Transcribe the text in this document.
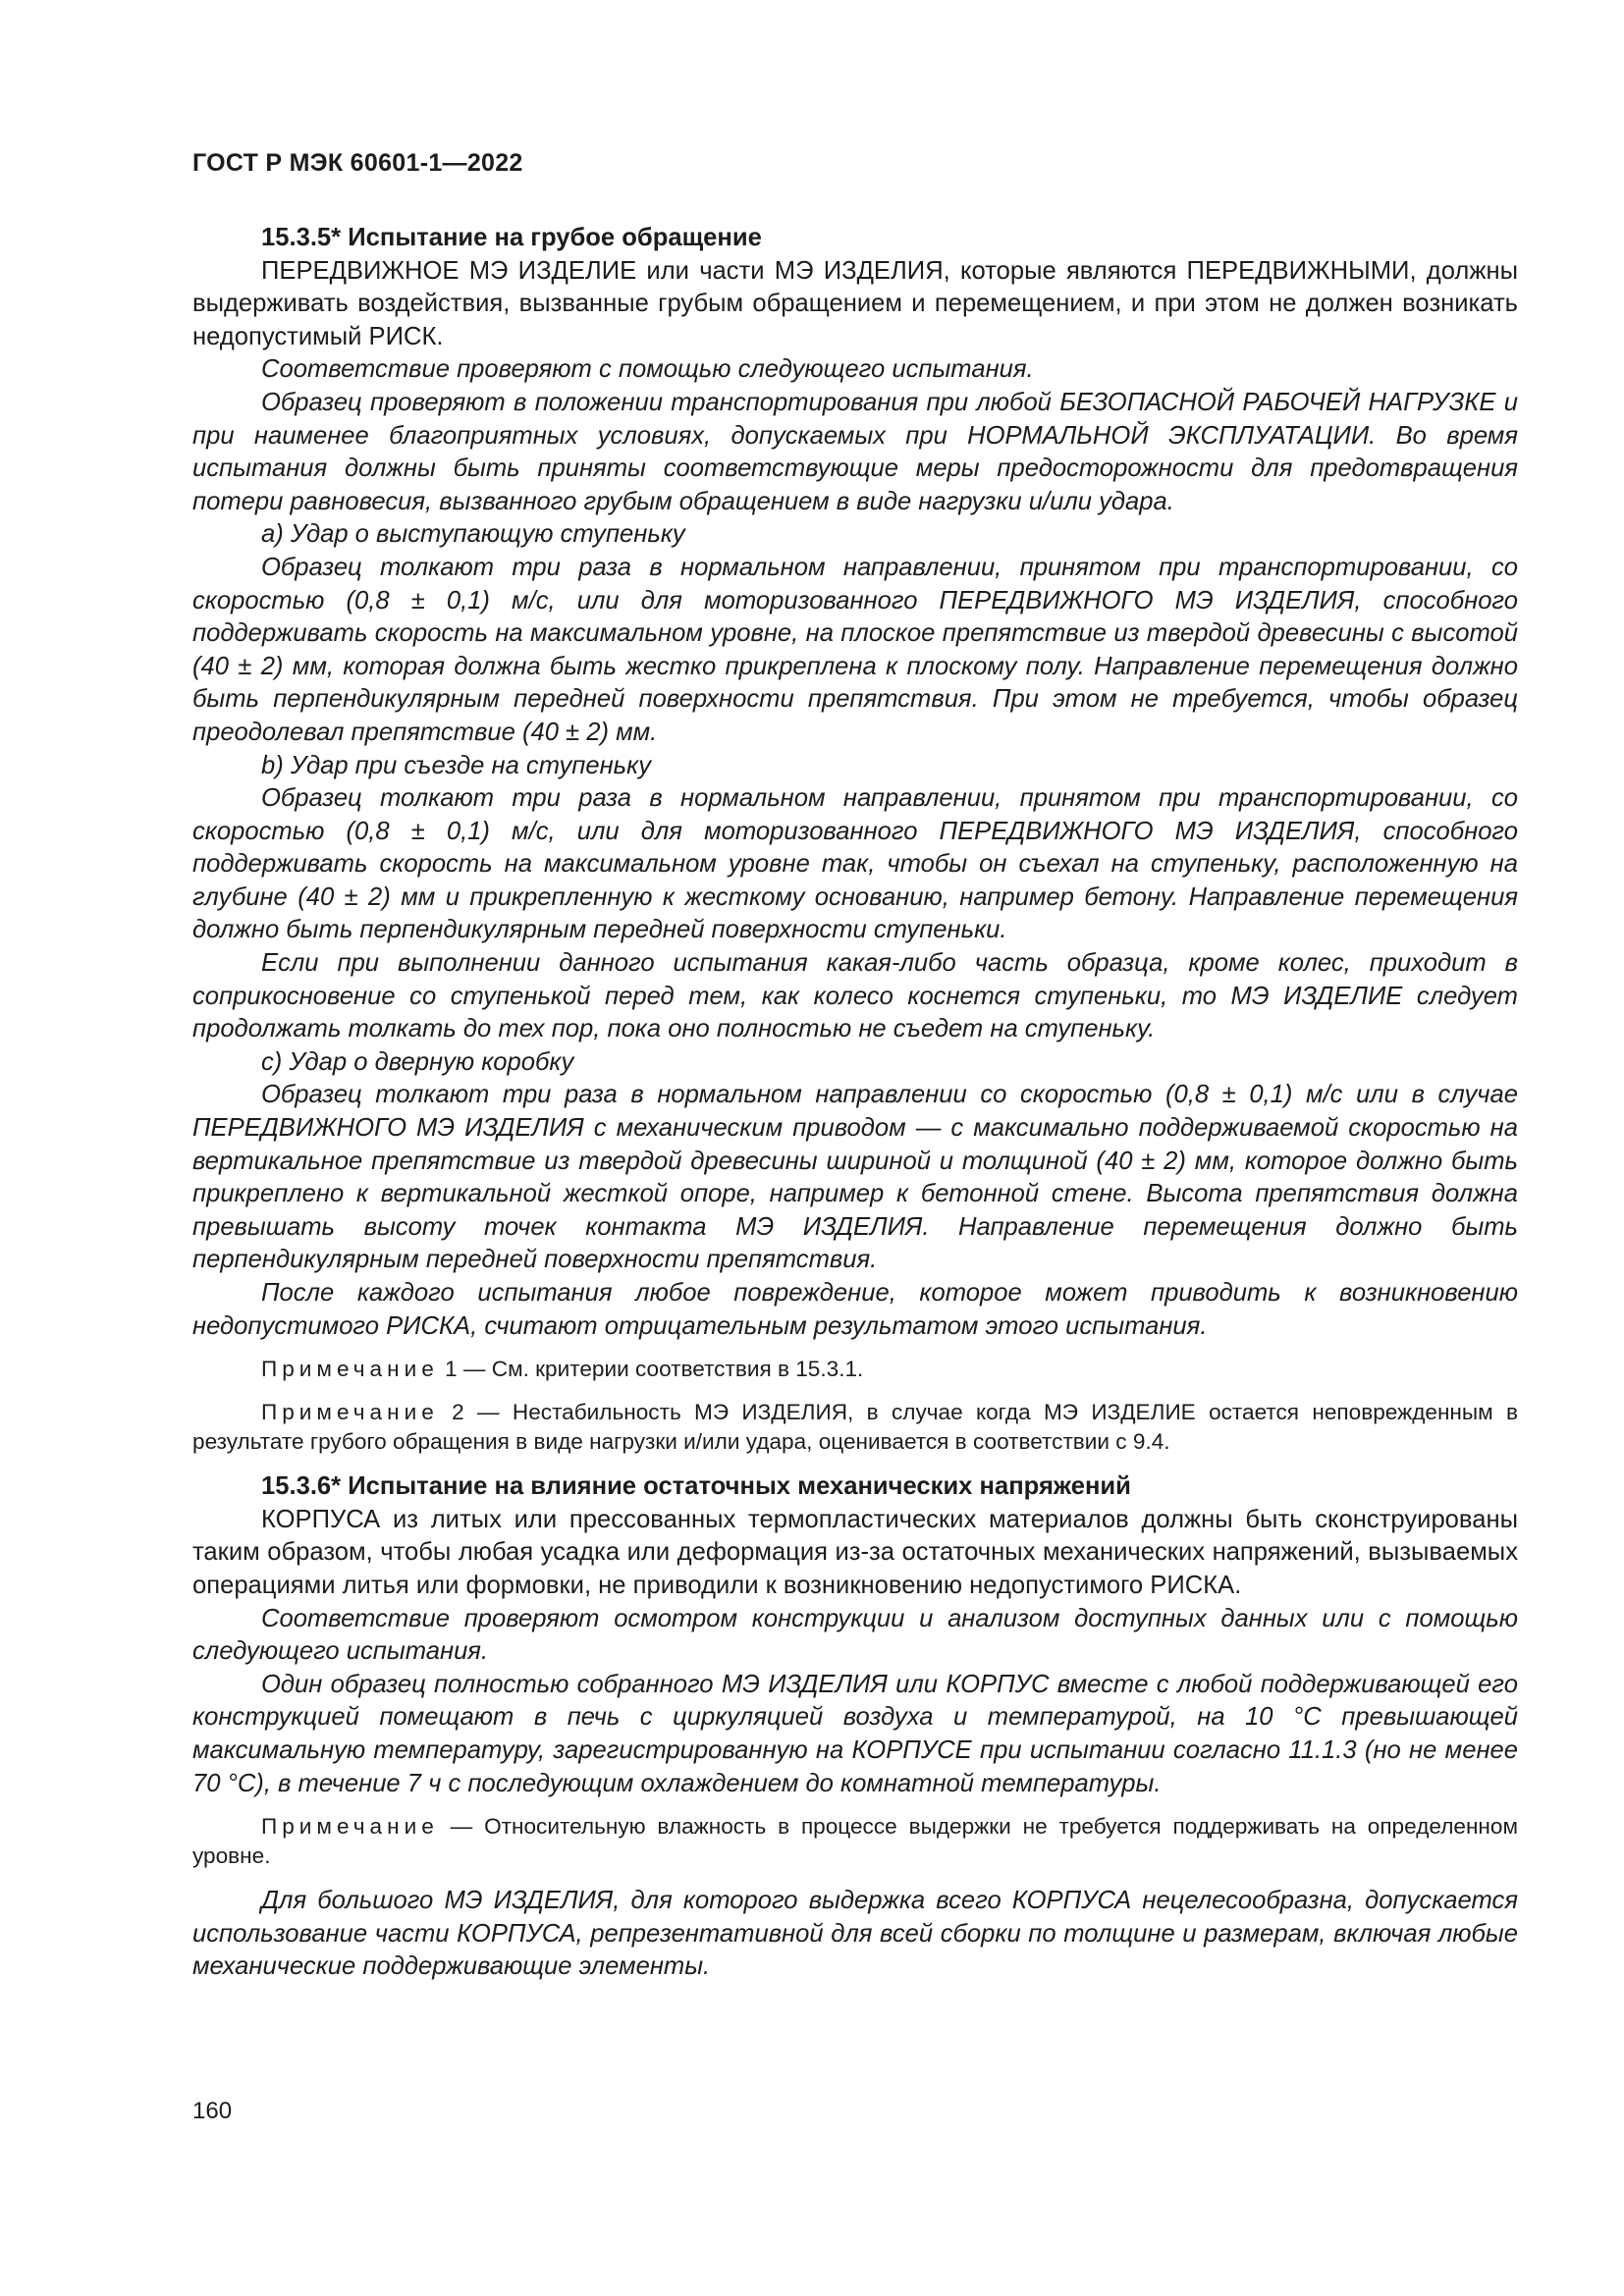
ГОСТ Р МЭК 60601-1—2022
15.3.5* Испытание на грубое обращение

ПЕРЕДВИЖНОЕ МЭ ИЗДЕЛИЕ или части МЭ ИЗДЕЛИЯ, которые являются ПЕРЕДВИЖНЫМИ, должны выдерживать воздействия, вызванные грубым обращением и перемещением, и при этом не должен возникать недопустимый РИСК.

Соответствие проверяют с помощью следующего испытания.

Образец проверяют в положении транспортирования при любой БЕЗОПАСНОЙ РАБОЧЕЙ НАГРУЗКЕ и при наименее благоприятных условиях, допускаемых при НОРМАЛЬНОЙ ЭКСПЛУАТАЦИИ. Во время испытания должны быть приняты соответствующие меры предосторожности для предотвращения потери равновесия, вызванного грубым обращением в виде нагрузки и/или удара.

a) Удар о выступающую ступеньку

Образец толкают три раза в нормальном направлении, принятом при транспортировании, со скоростью (0,8 ± 0,1) м/с, или для моторизованного ПЕРЕДВИЖНОГО МЭ ИЗДЕЛИЯ, способного поддерживать скорость на максимальном уровне, на плоское препятствие из твердой древесины с высотой (40 ± 2) мм, которая должна быть жестко прикреплена к плоскому полу. Направление перемещения должно быть перпендикулярным передней поверхности препятствия. При этом не требуется, чтобы образец преодолевал препятствие (40 ± 2) мм.

b) Удар при съезде на ступеньку

Образец толкают три раза в нормальном направлении, принятом при транспортировании, со скоростью (0,8 ± 0,1) м/с, или для моторизованного ПЕРЕДВИЖНОГО МЭ ИЗДЕЛИЯ, способного поддерживать скорость на максимальном уровне так, чтобы он съехал на ступеньку, расположенную на глубине (40 ± 2) мм и прикрепленную к жесткому основанию, например бетону. Направление перемещения должно быть перпендикулярным передней поверхности ступеньки.

Если при выполнении данного испытания какая-либо часть образца, кроме колес, приходит в соприкосновение со ступенькой перед тем, как колесо коснется ступеньки, то МЭ ИЗДЕЛИЕ следует продолжать толкать до тех пор, пока оно полностью не съедет на ступеньку.

c) Удар о дверную коробку

Образец толкают три раза в нормальном направлении со скоростью (0,8 ± 0,1) м/с или в случае ПЕРЕДВИЖНОГО МЭ ИЗДЕЛИЯ с механическим приводом — с максимально поддерживаемой скоростью на вертикальное препятствие из твердой древесины шириной и толщиной (40 ± 2) мм, которое должно быть прикреплено к вертикальной жесткой опоре, например к бетонной стене. Высота препятствия должна превышать высоту точек контакта МЭ ИЗДЕЛИЯ. Направление перемещения должно быть перпендикулярным передней поверхности препятствия.

После каждого испытания любое повреждение, которое может приводить к возникновению недопустимого РИСКА, считают отрицательным результатом этого испытания.

Примечание 1 — См. критерии соответствия в 15.3.1.

Примечание 2 — Нестабильность МЭ ИЗДЕЛИЯ, в случае когда МЭ ИЗДЕЛИЕ остается неповрежденным в результате грубого обращения в виде нагрузки и/или удара, оценивается в соответствии с 9.4.

15.3.6* Испытание на влияние остаточных механических напряжений

КОРПУСА из литых или прессованных термопластических материалов должны быть сконструированы таким образом, чтобы любая усадка или деформация из-за остаточных механических напряжений, вызываемых операциями литья или формовки, не приводили к возникновению недопустимого РИСКА.

Соответствие проверяют осмотром конструкции и анализом доступных данных или с помощью следующего испытания.

Один образец полностью собранного МЭ ИЗДЕЛИЯ или КОРПУС вместе с любой поддерживающей его конструкцией помещают в печь с циркуляцией воздуха и температурой, на 10 °С превышающей максимальную температуру, зарегистрированную на КОРПУСЕ при испытании согласно 11.1.3 (но не менее 70 °С), в течение 7 ч с последующим охлаждением до комнатной температуры.

Примечание — Относительную влажность в процессе выдержки не требуется поддерживать на определенном уровне.

Для большого МЭ ИЗДЕЛИЯ, для которого выдержка всего КОРПУСА нецелесообразна, допускается использование части КОРПУСА, репрезентативной для всей сборки по толщине и размерам, включая любые механические поддерживающие элементы.

160
